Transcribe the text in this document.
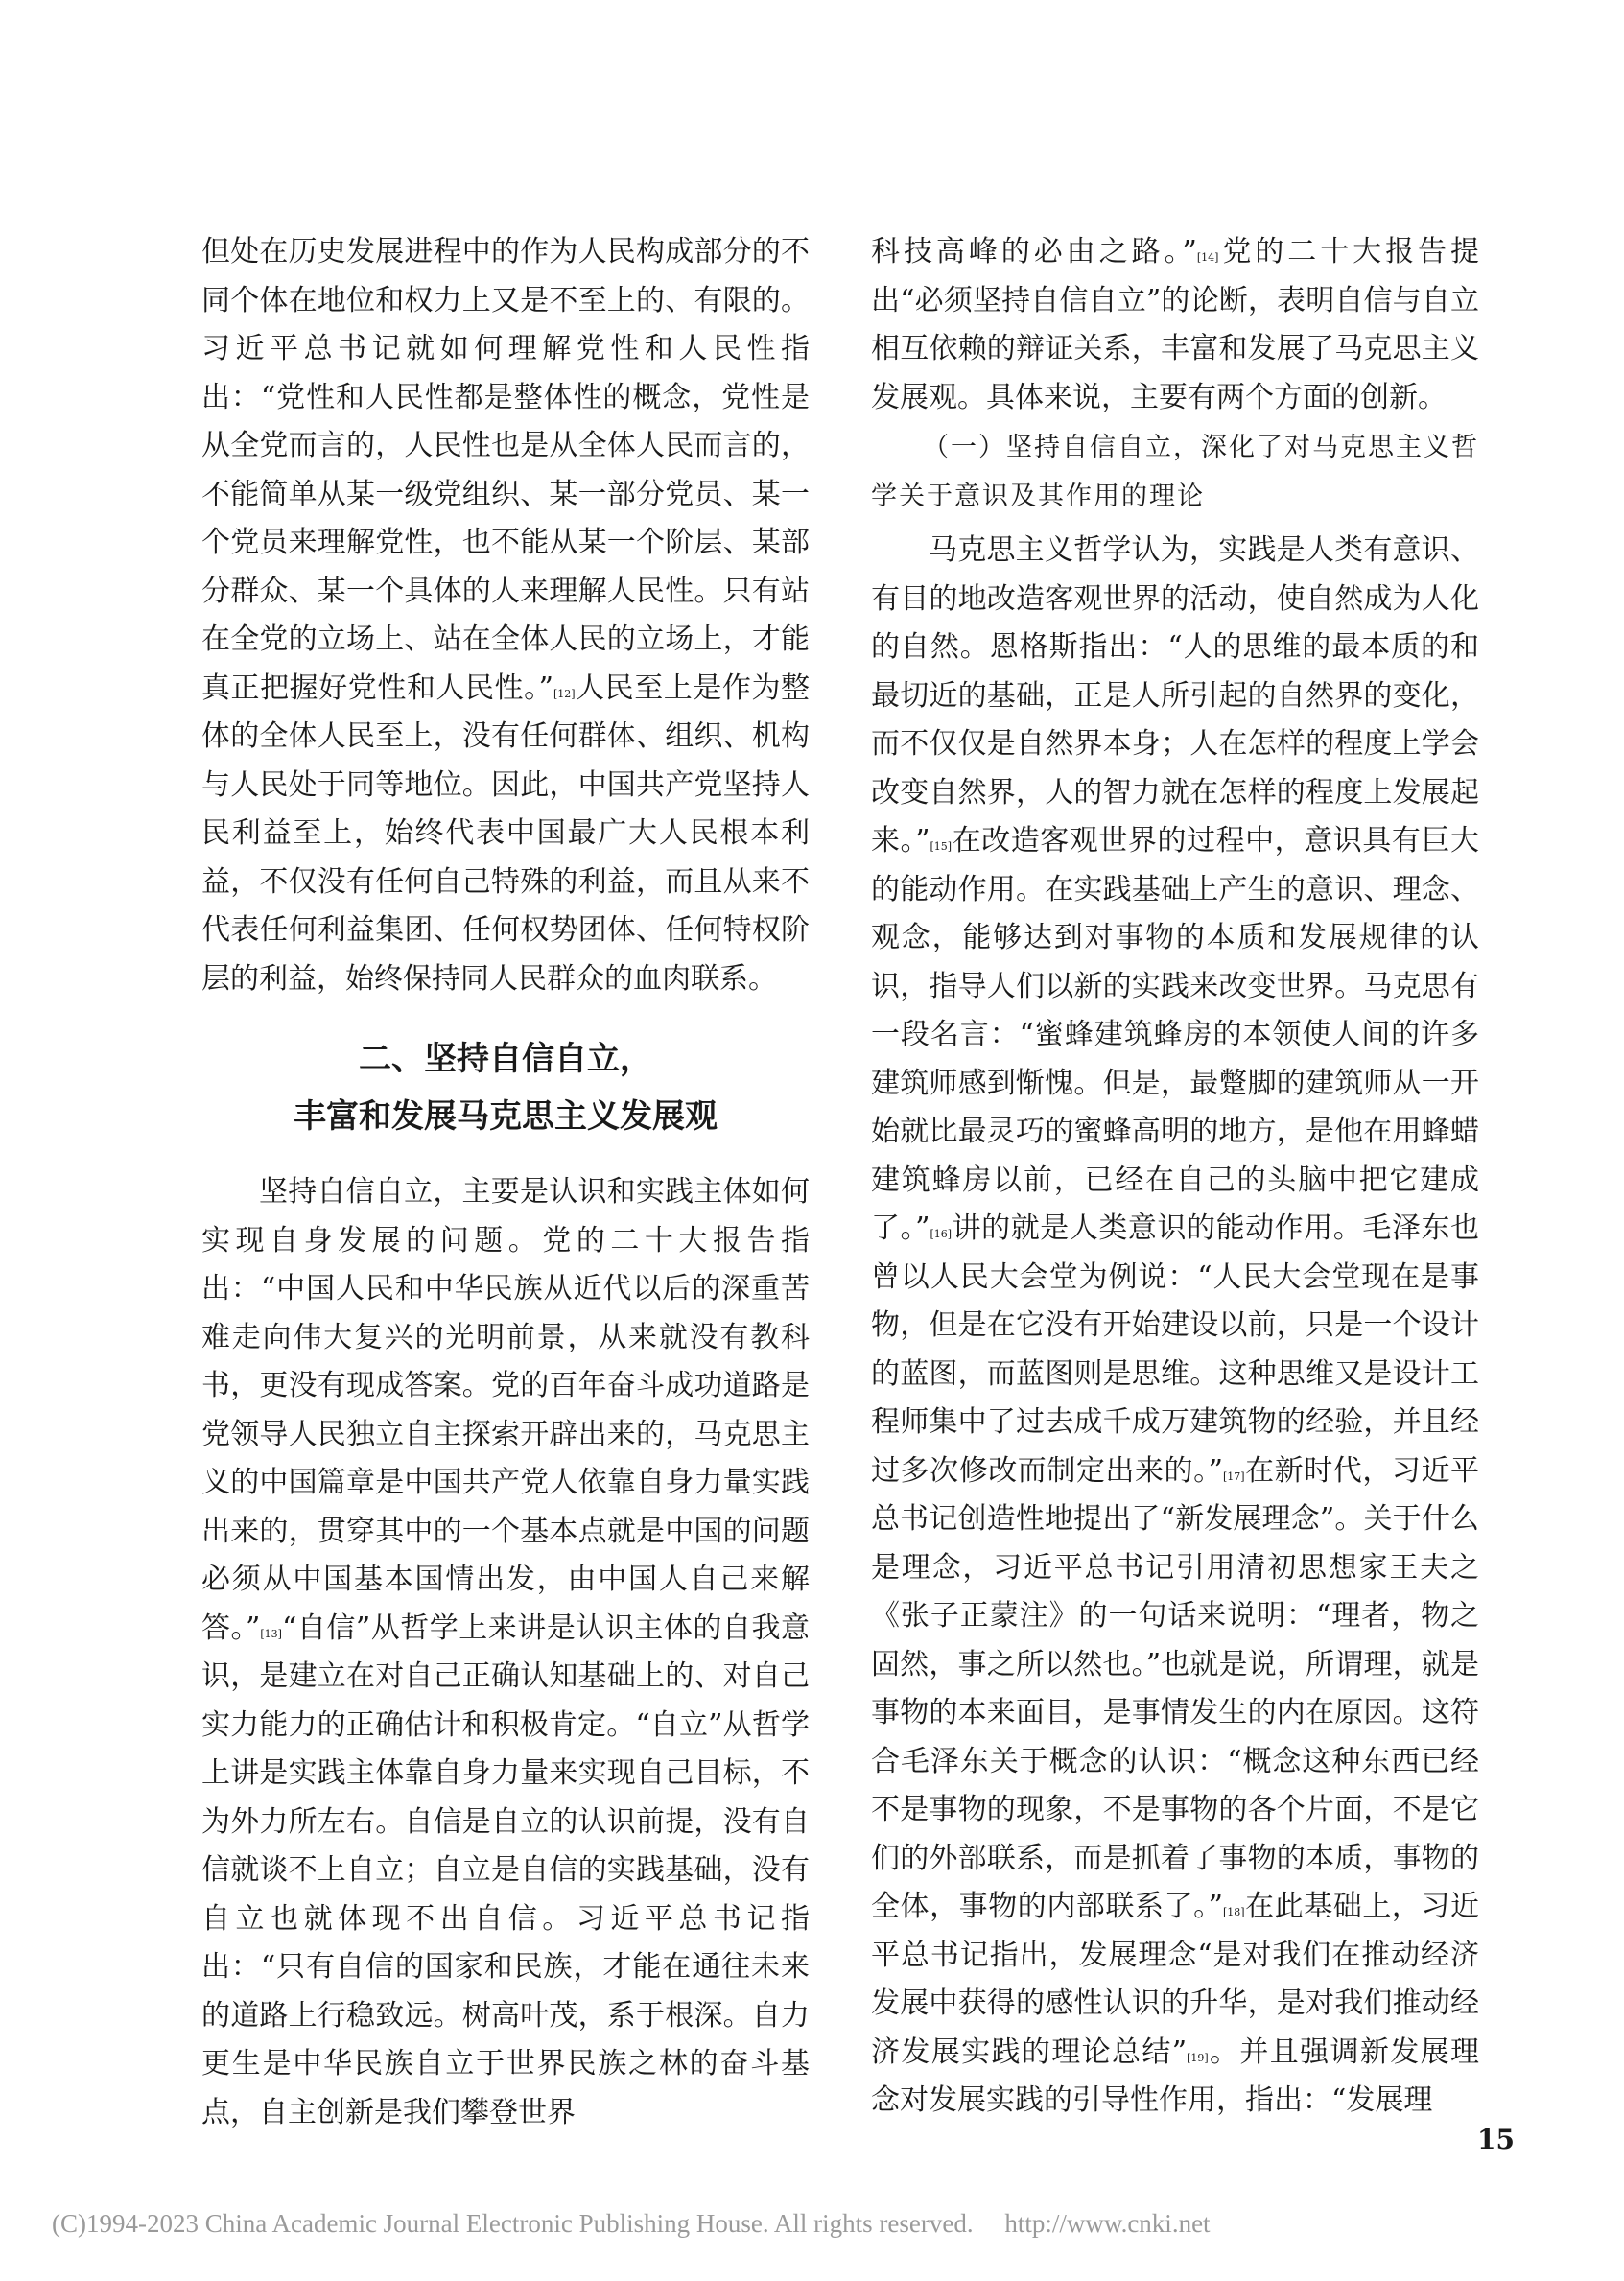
但处在历史发展进程中的作为人民构成部分的不同个体在地位和权力上又是不至上的、有限的。习近平总书记就如何理解党性和人民性指出：“党性和人民性都是整体性的概念，党性是从全党而言的，人民性也是从全体人民而言的，不能简单从某一级党组织、某一部分党员、某一个党员来理解党性，也不能从某一个阶层、某部分群众、某一个具体的人来理解人民性。只有站在全党的立场上、站在全体人民的立场上，才能真正把握好党性和人民性。”[12]人民至上是作为整体的全体人民至上，没有任何群体、组织、机构与人民处于同等地位。因此，中国共产党坚持人民利益至上，始终代表中国最广大人民根本利益，不仅没有任何自己特殊的利益，而且从来不代表任何利益集团、任何权势团体、任何特权阶层的利益，始终保持同人民群众的血肉联系。

二、坚持自信自立，
丰富和发展马克思主义发展观

坚持自信自立，主要是认识和实践主体如何实现自身发展的问题。党的二十大报告指出：“中国人民和中华民族从近代以后的深重苦难走向伟大复兴的光明前景，从来就没有教科书，更没有现成答案。党的百年奋斗成功道路是党领导人民独立自主探索开辟出来的，马克思主义的中国篇章是中国共产党人依靠自身力量实践出来的，贯穿其中的一个基本点就是中国的问题必须从中国基本国情出发，由中国人自己来解答。”[13]“自信”从哲学上来讲是认识主体的自我意识，是建立在对自己正确认知基础上的、对自己实力能力的正确估计和积极肯定。“自立”从哲学上讲是实践主体靠自身力量来实现自己目标，不为外力所左右。自信是自立的认识前提，没有自信就谈不上自立；自立是自信的实践基础，没有自立也就体现不出自信。习近平总书记指出：“只有自信的国家和民族，才能在通往未来的道路上行稳致远。树高叶茂，系于根深。自力更生是中华民族自立于世界民族之林的奋斗基点，自主创新是我们攀登世界

科技高峰的必由之路。”[14]党的二十大报告提出“必须坚持自信自立”的论断，表明自信与自立相互依赖的辩证关系，丰富和发展了马克思主义发展观。具体来说，主要有两个方面的创新。

（一）坚持自信自立，深化了对马克思主义哲学关于意识及其作用的理论

马克思主义哲学认为，实践是人类有意识、有目的地改造客观世界的活动，使自然成为人化的自然。恩格斯指出：“人的思维的最本质的和最切近的基础，正是人所引起的自然界的变化，而不仅仅是自然界本身；人在怎样的程度上学会改变自然界，人的智力就在怎样的程度上发展起来。”[15]在改造客观世界的过程中，意识具有巨大的能动作用。在实践基础上产生的意识、理念、观念，能够达到对事物的本质和发展规律的认识，指导人们以新的实践来改变世界。马克思有一段名言：“蜜蜂建筑蜂房的本领使人间的许多建筑师感到惭愧。但是，最蹩脚的建筑师从一开始就比最灵巧的蜜蜂高明的地方，是他在用蜂蜡建筑蜂房以前，已经在自己的头脑中把它建成了。”[16]讲的就是人类意识的能动作用。毛泽东也曾以人民大会堂为例说：“人民大会堂现在是事物，但是在它没有开始建设以前，只是一个设计的蓝图，而蓝图则是思维。这种思维又是设计工程师集中了过去成千成万建筑物的经验，并且经过多次修改而制定出来的。”[17]在新时代，习近平总书记创造性地提出了“新发展理念”。关于什么是理念，习近平总书记引用清初思想家王夫之《张子正蒙注》的一句话来说明：“理者，物之固然，事之所以然也。”也就是说，所谓理，就是事物的本来面目，是事情发生的内在原因。这符合毛泽东关于概念的认识：“概念这种东西已经不是事物的现象，不是事物的各个片面，不是它们的外部联系，而是抓着了事物的本质，事物的全体，事物的内部联系了。”[18]在此基础上，习近平总书记指出，发展理念“是对我们在推动经济发展中获得的感性认识的升华，是对我们推动经济发展实践的理论总结”[19]。并且强调新发展理念对发展实践的引导性作用，指出：“发展理

15
(C)1994-2023 China Academic Journal Electronic Publishing House. All rights reserved. http://www.cnki.net
